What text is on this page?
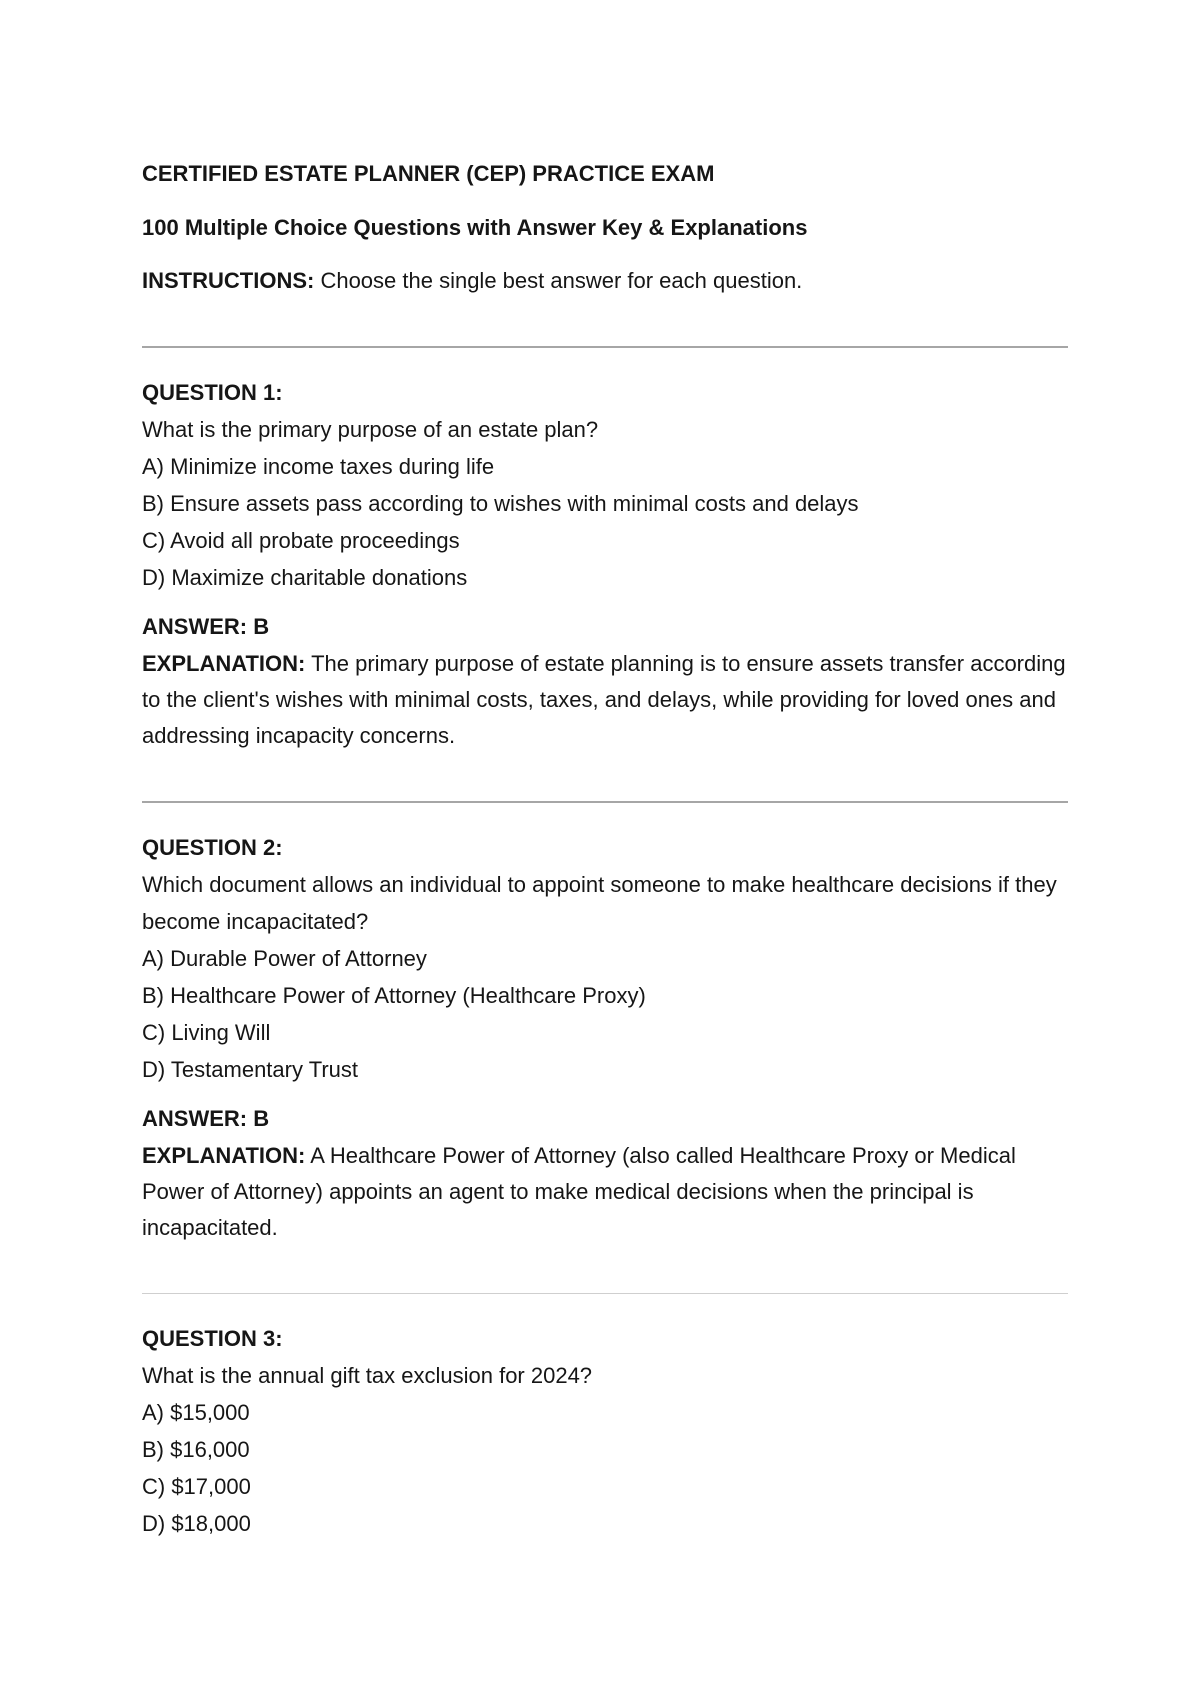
CERTIFIED ESTATE PLANNER (CEP) PRACTICE EXAM

100 Multiple Choice Questions with Answer Key & Explanations

INSTRUCTIONS: Choose the single best answer for each question.

QUESTION 1:

What is the primary purpose of an estate plan?

A) Minimize income taxes during life

B) Ensure assets pass according to wishes with minimal costs and delays

C) Avoid all probate proceedings

D) Maximize charitable donations

ANSWER: B

EXPLANATION: The primary purpose of estate planning is to ensure assets transfer according to the client's wishes with minimal costs, taxes, and delays, while providing for loved ones and addressing incapacity concerns.

QUESTION 2:

Which document allows an individual to appoint someone to make healthcare decisions if they become incapacitated?

A) Durable Power of Attorney

B) Healthcare Power of Attorney (Healthcare Proxy)

C) Living Will

D) Testamentary Trust

ANSWER: B

EXPLANATION: A Healthcare Power of Attorney (also called Healthcare Proxy or Medical Power of Attorney) appoints an agent to make medical decisions when the principal is incapacitated.

QUESTION 3:

What is the annual gift tax exclusion for 2024?

A) $15,000

B) $16,000

C) $17,000

D) $18,000
